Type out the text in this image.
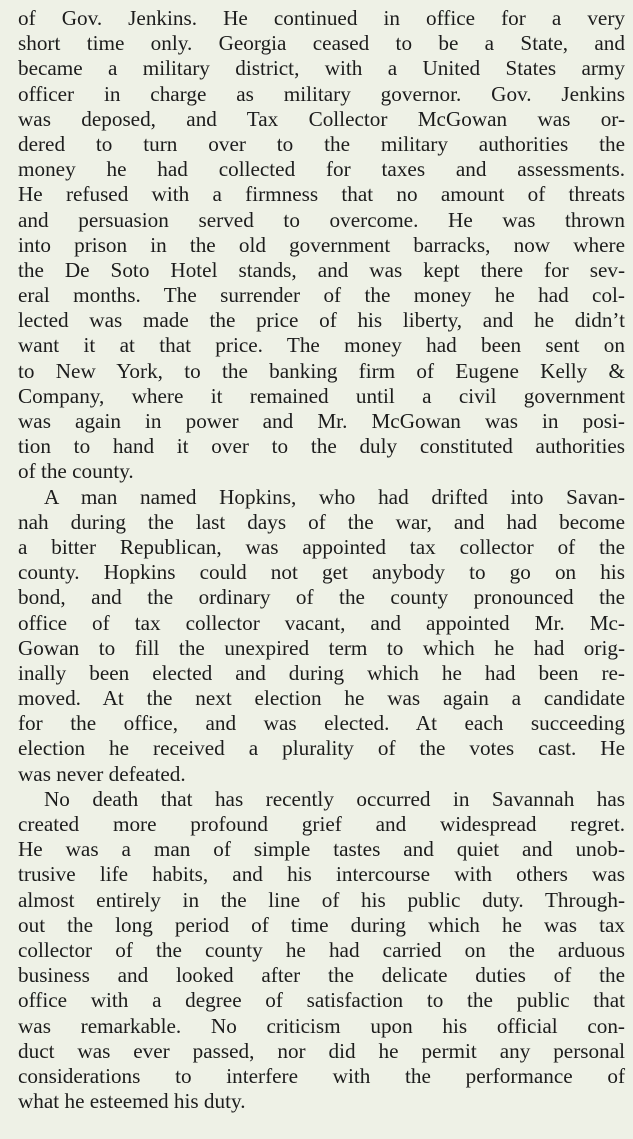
of Gov. Jenkins. He continued in office for a very
short time only. Georgia ceased to be a State, and
became a military district, with a United States army
officer in charge as military governor. Gov. Jenkins
was deposed, and Tax Collector McGowan was or-
dered to turn over to the military authorities the
money he had collected for taxes and assessments.
He refused with a firmness that no amount of threats
and persuasion served to overcome. He was thrown
into prison in the old government barracks, now where
the De Soto Hotel stands, and was kept there for sev-
eral months. The surrender of the money he had col-
lected was made the price of his liberty, and he didn’t
want it at that price. The money had been sent on
to New York, to the banking firm of Eugene Kelly &
Company, where it remained until a civil government
was again in power and Mr. McGowan was in posi-
tion to hand it over to the duly constituted authorities
of the county.
A man named Hopkins, who had drifted into Savan-
nah during the last days of the war, and had become
a bitter Republican, was appointed tax collector of the
county. Hopkins could not get anybody to go on his
bond, and the ordinary of the county pronounced the
office of tax collector vacant, and appointed Mr. Mc-
Gowan to fill the unexpired term to which he had orig-
inally been elected and during which he had been re-
moved. At the next election he was again a candidate
for the office, and was elected. At each succeeding
election he received a plurality of the votes cast. He
was never defeated.
No death that has recently occurred in Savannah has
created more profound grief and widespread regret.
He was a man of simple tastes and quiet and unob-
trusive life habits, and his intercourse with others was
almost entirely in the line of his public duty. Through-
out the long period of time during which he was tax
collector of the county he had carried on the arduous
business and looked after the delicate duties of the
office with a degree of satisfaction to the public that
was remarkable. No criticism upon his official con-
duct was ever passed, nor did he permit any personal
considerations to interfere with the performance of
what he esteemed his duty.
